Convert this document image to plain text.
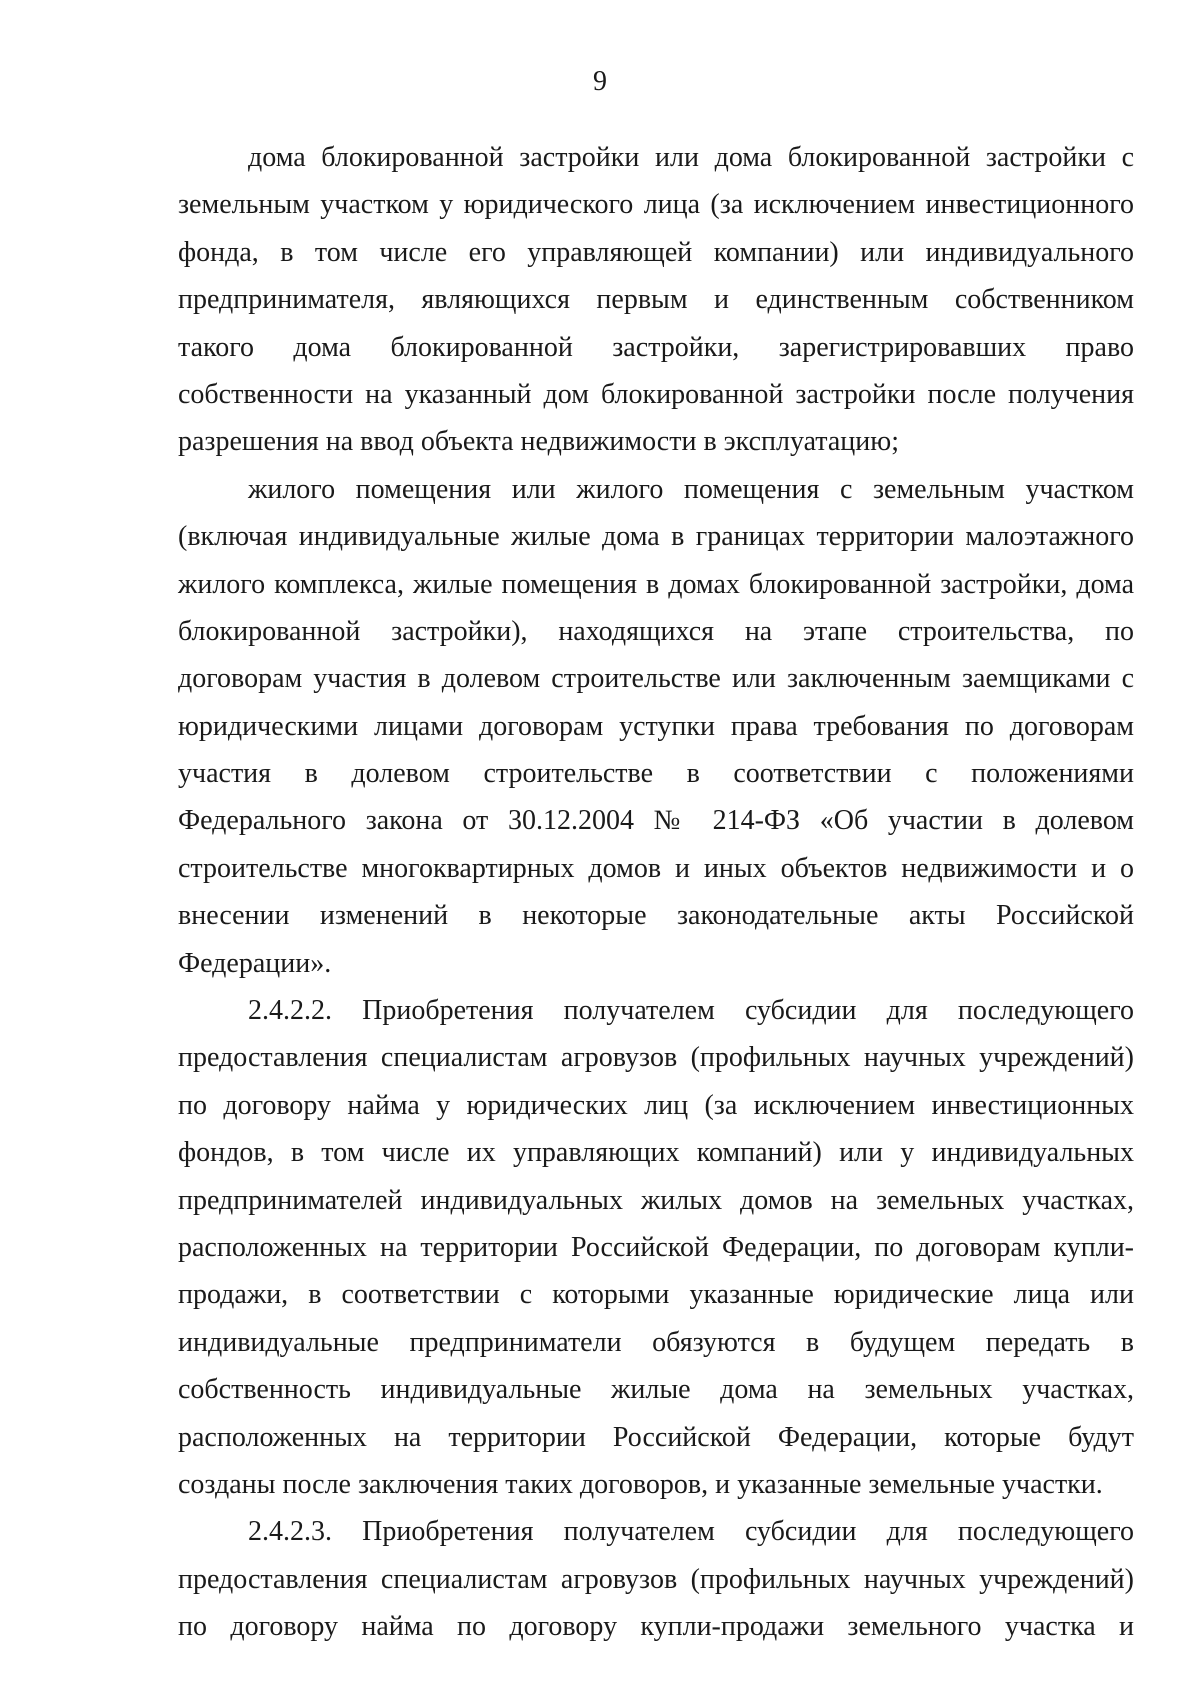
9
дома блокированной застройки или дома блокированной застройки с
земельным участком у юридического лица (за исключением инвестиционного
фонда, в том числе его управляющей компании) или индивидуального
предпринимателя, являющихся первым и единственным собственником
такого дома блокированной застройки, зарегистрировавших право
собственности на указанный дом блокированной застройки после получения
разрешения на ввод объекта недвижимости в эксплуатацию;
жилого помещения или жилого помещения с земельным участком
(включая индивидуальные жилые дома в границах территории малоэтажного
жилого комплекса, жилые помещения в домах блокированной застройки, дома
блокированной застройки), находящихся на этапе строительства, по
договорам участия в долевом строительстве или заключенным заемщиками с
юридическими лицами договорам уступки права требования по договорам
участия в долевом строительстве в соответствии с положениями
Федерального закона от 30.12.2004 № 214-ФЗ «Об участии в долевом
строительстве многоквартирных домов и иных объектов недвижимости и о
внесении изменений в некоторые законодательные акты Российской
Федерации».
2.4.2.2. Приобретения получателем субсидии для последующего
предоставления специалистам агровузов (профильных научных учреждений)
по договору найма у юридических лиц (за исключением инвестиционных
фондов, в том числе их управляющих компаний) или у индивидуальных
предпринимателей индивидуальных жилых домов на земельных участках,
расположенных на территории Российской Федерации, по договорам купли-
продажи, в соответствии с которыми указанные юридические лица или
индивидуальные предприниматели обязуются в будущем передать в
собственность индивидуальные жилые дома на земельных участках,
расположенных на территории Российской Федерации, которые будут
созданы после заключения таких договоров, и указанные земельные участки.
2.4.2.3. Приобретения получателем субсидии для последующего
предоставления специалистам агровузов (профильных научных учреждений)
по договору найма по договору купли-продажи земельного участка и
